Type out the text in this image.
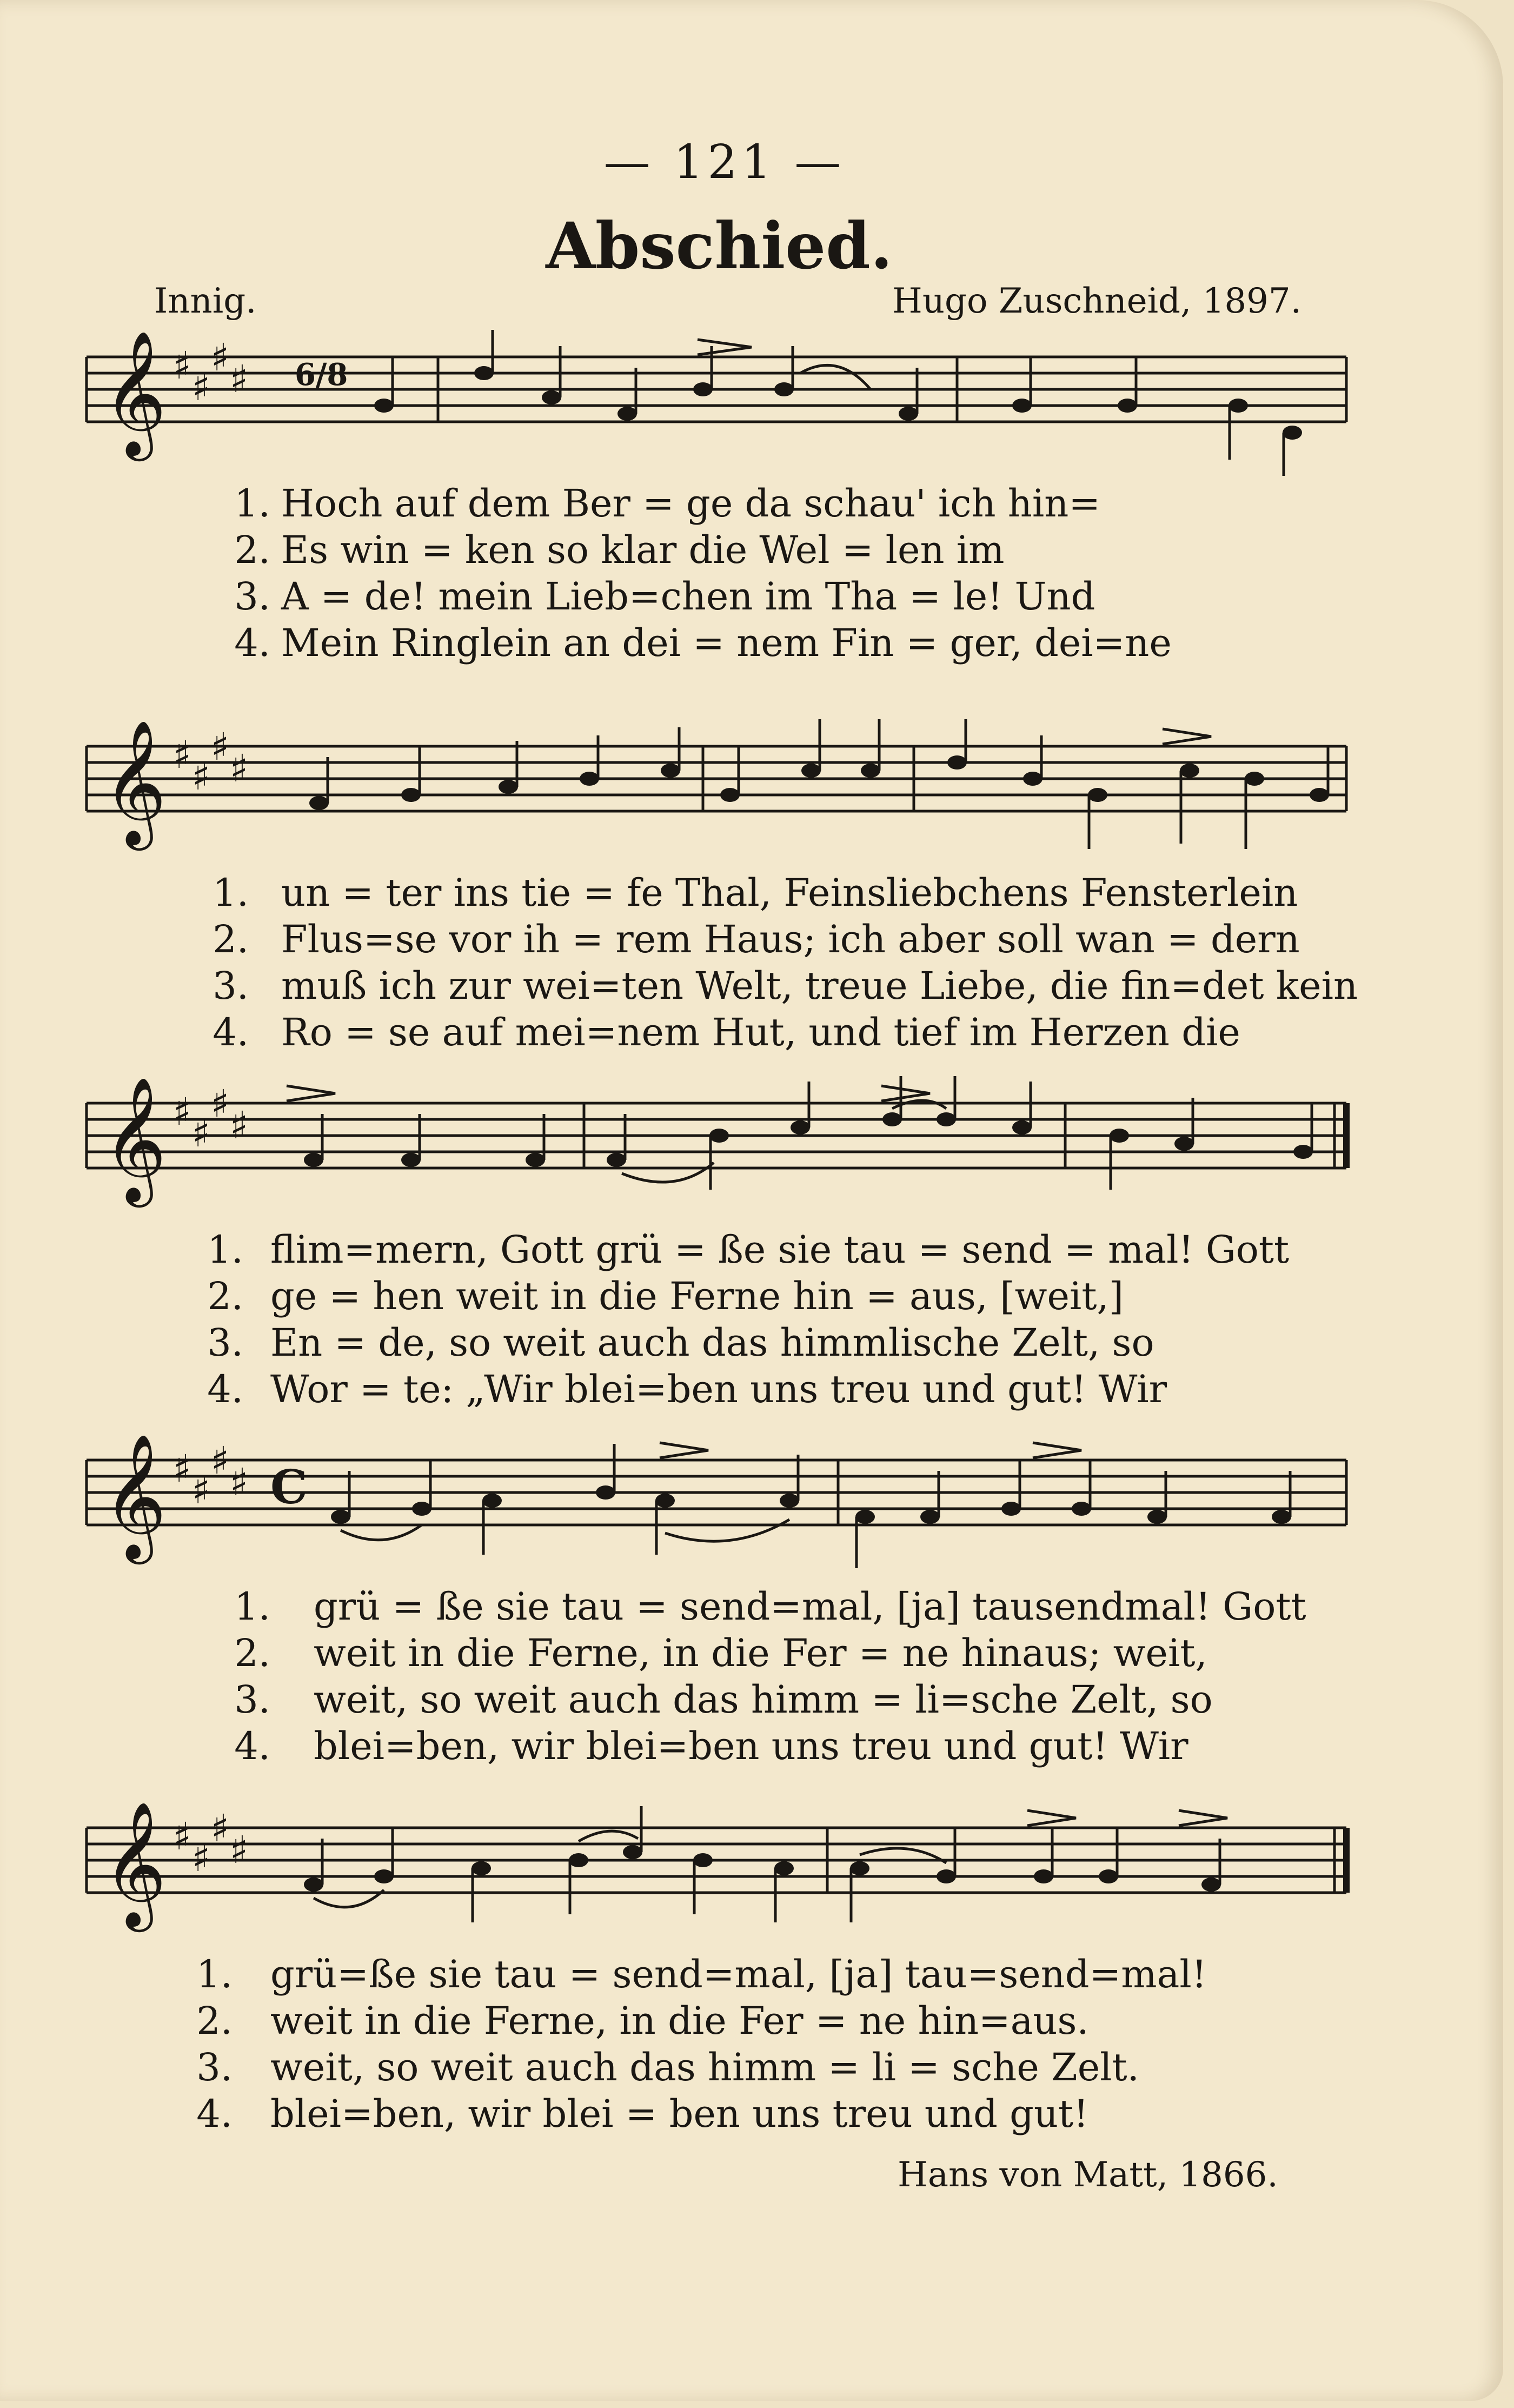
— 121 —
Abschied.
Innig.	Hugo Zuschneid, 1897.
𝄞 ♯ ♯
♯ ♯ 6/8
1. Hoch auf dem Ber = ge da schau' ich hin=
2. Es win = ken so klar die Wel = len im
3. A = de! mein Lieb=chen im Tha = le! Und
4. Mein Ringlein an dei = nem Fin = ger, dei=ne
𝄞 ♯ ♯
♯ ♯
1. un = ter ins tie = fe Thal, Feinsliebchens Fensterlein
2. Flus=se vor ih = rem Haus; ich aber soll wan = dern
3. muß ich zur wei=ten Welt, treue Liebe, die fin=det kein
4. Ro = se auf mei=nem Hut, und tief im Herzen die
𝄞 ♯ ♯
♯ ♯
1. flim=mern, Gott grü = ße sie tau = send = mal! Gott
2. ge = hen weit in die Ferne hin = aus, [weit,]
3. En = de, so weit auch das himmlische Zelt, so
4. Wor = te: „Wir blei=ben uns treu und gut! Wir
𝄞 ♯ ♯
♯ ♯ C
1. grü = ße sie tau = send=mal, [ja] tausendmal! Gott
2. weit in die Ferne, in die Fer = ne hinaus; weit,
3. weit, so weit auch das himm = li=sche Zelt, so
4. blei=ben, wir blei=ben uns treu und gut! Wir
𝄞 ♯ ♯
♯ ♯
1. grü=ße sie tau = send=mal, [ja] tau=send=mal!
2. weit in die Ferne, in die Fer = ne hin=aus.
3. weit, so weit auch das himm = li = sche Zelt.
4. blei=ben, wir blei = ben uns treu und gut!
Hans von Matt, 1866.
